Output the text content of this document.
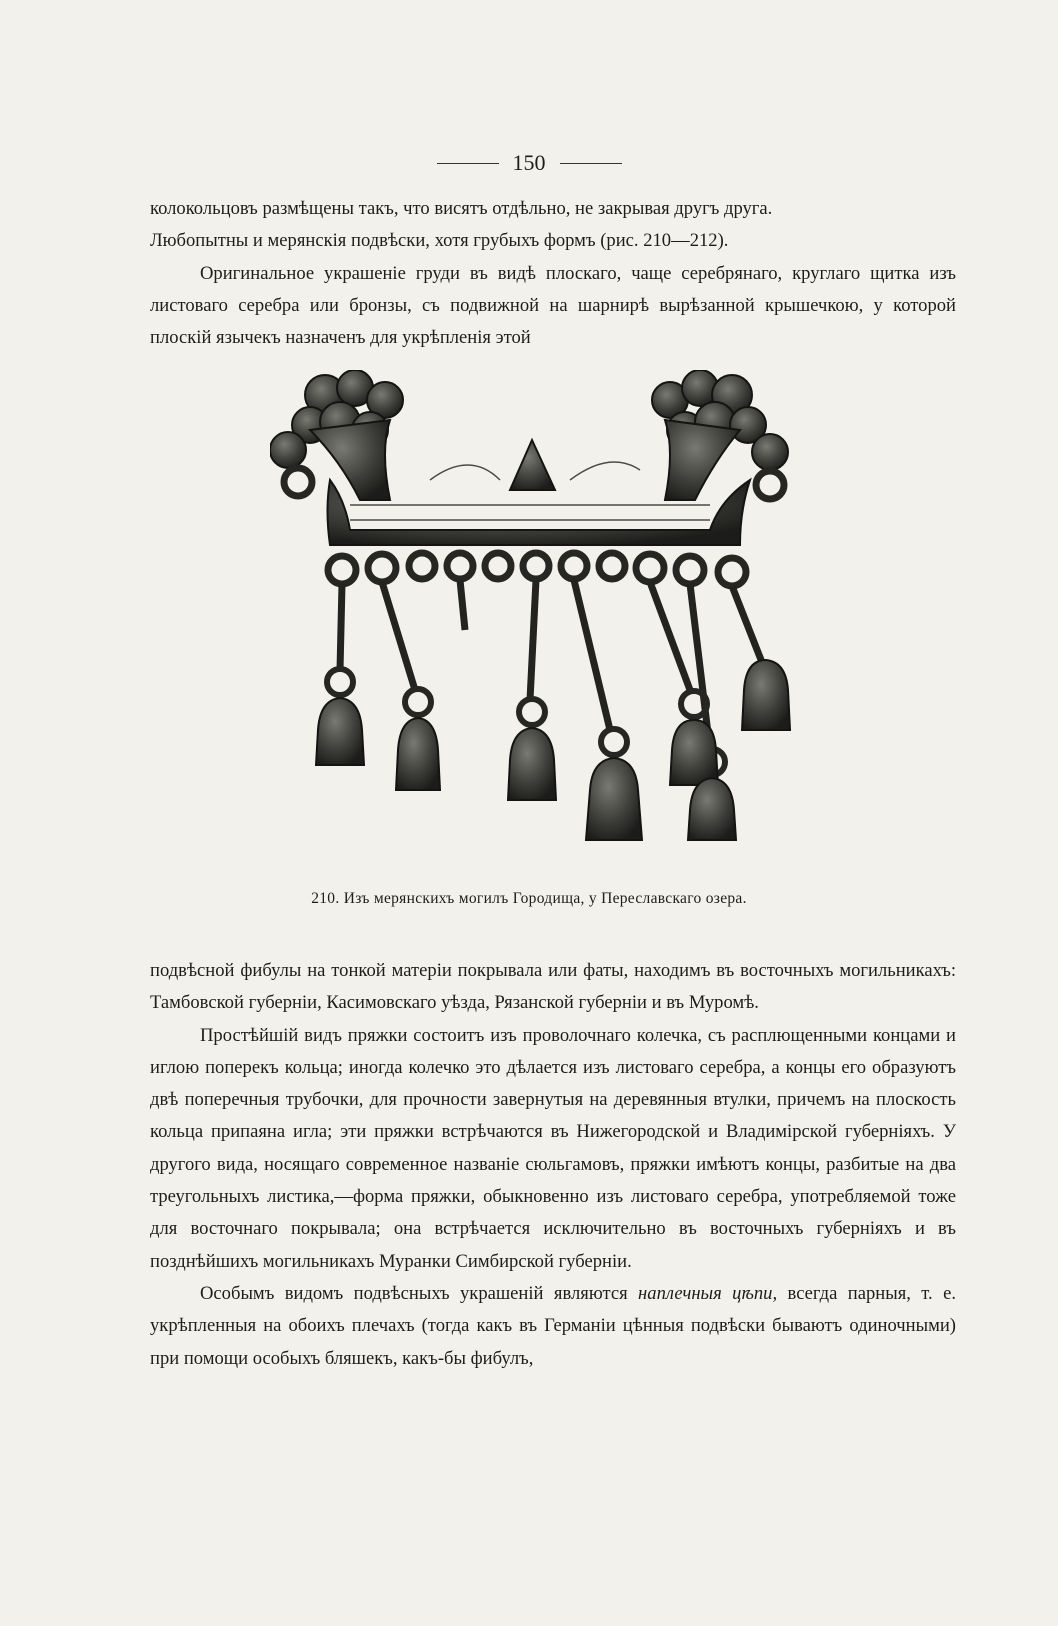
150

колокольцовъ размѣщены такъ, что висятъ отдѣльно, не закрывая другъ друга.

Любопытны и мерянскія подвѣски, хотя грубыхъ формъ (рис. 210—212).

Оригинальное украшеніе груди въ видѣ плоскаго, чаще серебрянаго, круглаго щитка изъ листоваго серебра или бронзы, съ подвижной на шарнирѣ вырѣзанной крышечкою, у которой плоскій язычекъ назначенъ для укрѣпленія этой

210. Изъ мерянскихъ могилъ Городища, у Переславскаго озера.

подвѣсной фибулы на тонкой матеріи покрывала или фаты, находимъ въ восточныхъ могильникахъ: Тамбовской губерніи, Касимовскаго уѣзда, Рязанской губерніи и въ Муромѣ.

Простѣйшій видъ пряжки состоитъ изъ проволочнаго колечка, съ расплющенными концами и иглою поперекъ кольца; иногда колечко это дѣлается изъ листоваго серебра, а концы его образуютъ двѣ поперечныя трубочки, для прочности завернутыя на деревянныя втулки, причемъ на плоскость кольца припаяна игла; эти пряжки встрѣчаются въ Нижегородской и Владимірской губерніяхъ. У другого вида, носящаго современное названіе сюльгамовъ, пряжки имѣютъ концы, разбитые на два треугольныхъ листика,—форма пряжки, обыкновенно изъ листоваго серебра, употребляемой тоже для восточнаго покрывала; она встрѣчается исключительно въ восточныхъ губерніяхъ и въ позднѣйшихъ могильникахъ Муранки Симбирской губерніи.

Особымъ видомъ подвѣсныхъ украшеній являются наплечныя цѣпи, всегда парныя, т. е. укрѣпленныя на обоихъ плечахъ (тогда какъ въ Германіи цѣнныя подвѣски бываютъ одиночными) при помощи особыхъ бляшекъ, какъ-бы фибулъ,
